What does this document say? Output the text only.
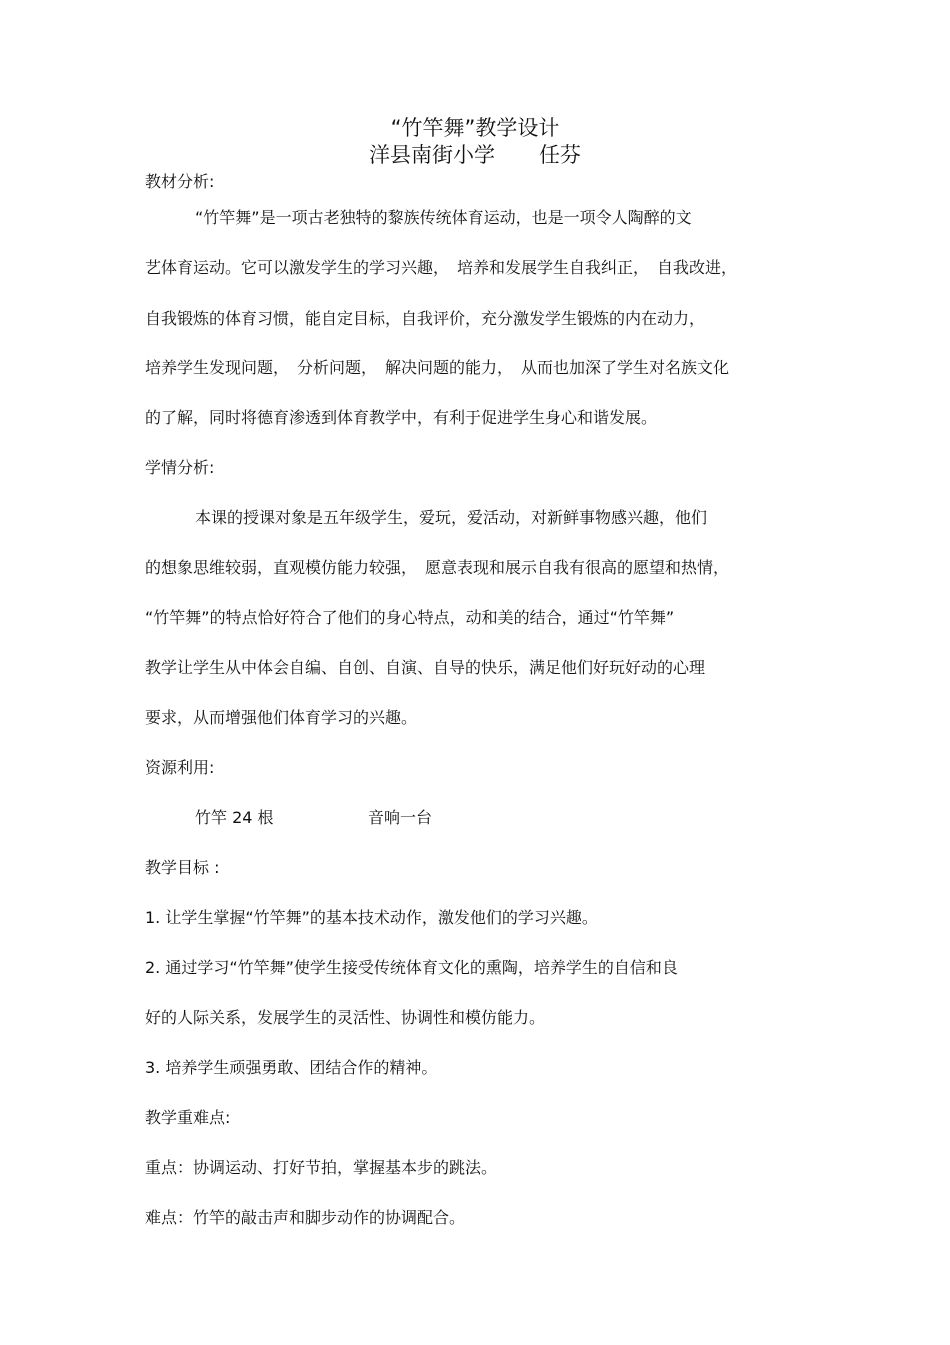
“竹竿舞”教学设计
洋县南街小学 任芬
教材分析:
“竹竿舞”是一项古老独特的黎族传统体育运动，也是一项令人陶醉的文
艺体育运动。它可以激发学生的学习兴趣，　培养和发展学生自我纠正，　自我改进，
自我锻炼的体育习惯，能自定目标，自我评价，充分激发学生锻炼的内在动力，
培养学生发现问题，　分析问题，　解决问题的能力，　从而也加深了学生对名族文化
的了解，同时将德育渗透到体育教学中，有利于促进学生身心和谐发展。
学情分析:
本课的授课对象是五年级学生，爱玩，爱活动，对新鲜事物感兴趣，他们
的想象思维较弱，直观模仿能力较强，　愿意表现和展示自我有很高的愿望和热情，
“竹竿舞”的特点恰好符合了他们的身心特点，动和美的结合，通过“竹竿舞”
教学让学生从中体会自编、自创、自演、自导的快乐，满足他们好玩好动的心理
要求，从而增强他们体育学习的兴趣。
资源利用:
竹竿 24 根	音响一台
教学目标 :
1. 让学生掌握“竹竿舞”的基本技术动作，激发他们的学习兴趣。
2. 通过学习“竹竿舞”使学生接受传统体育文化的熏陶，培养学生的自信和良
好的人际关系，发展学生的灵活性、协调性和模仿能力。
3. 培养学生顽强勇敢、团结合作的精神。
教学重难点:
重点：协调运动、打好节拍，掌握基本步的跳法。
难点：竹竿的敲击声和脚步动作的协调配合。
